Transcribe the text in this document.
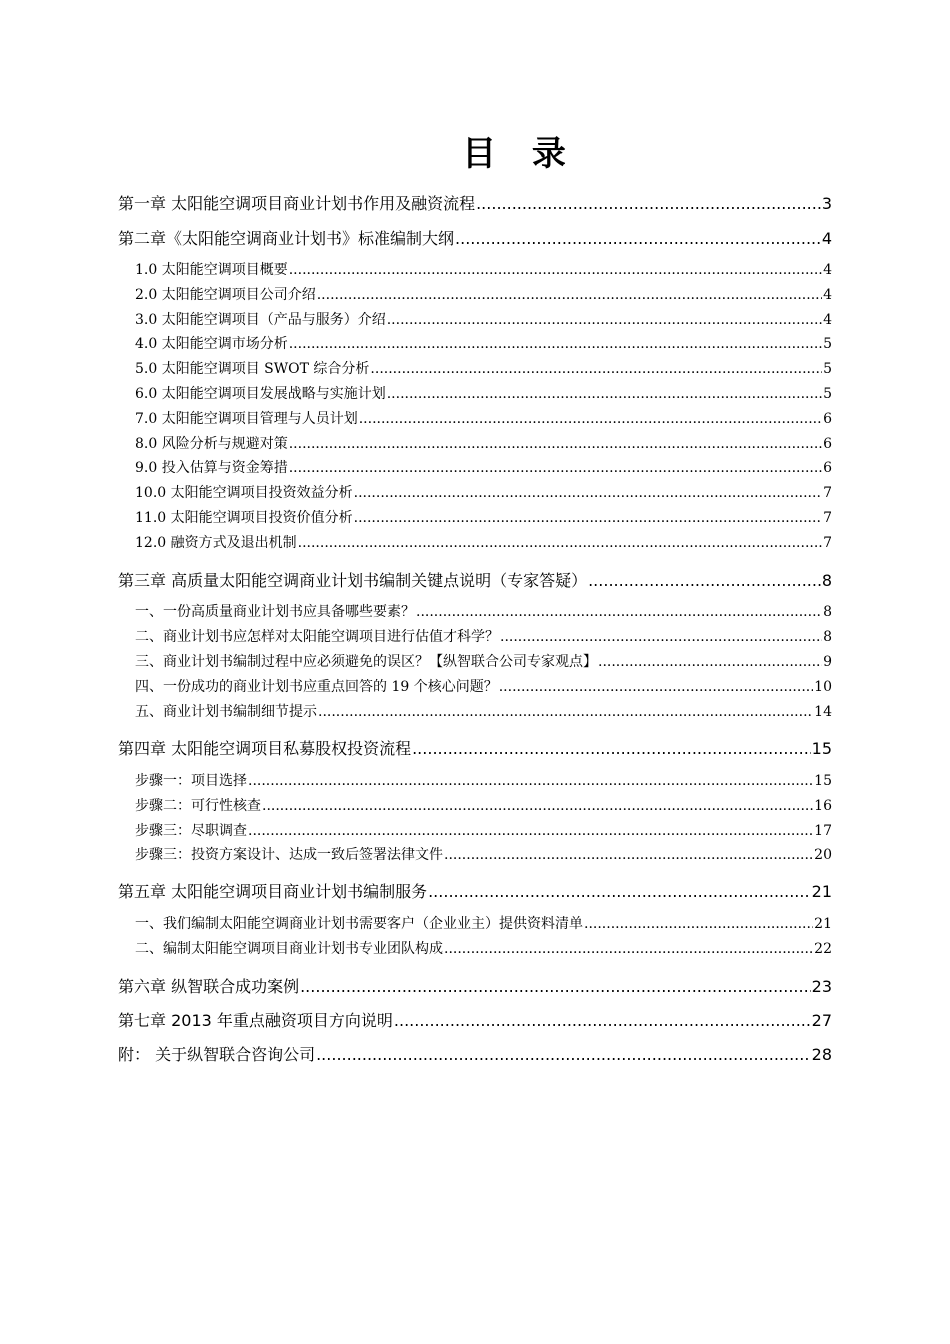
目 录
第一章 太阳能空调项目商业计划书作用及融资流程 .....	3
第二章《太阳能空调商业计划书》标准编制大纲 .....	4
1.0 太阳能空调项目概要 .....	4
2.0 太阳能空调项目公司介绍 .....	4
3.0 太阳能空调项目（产品与服务）介绍 .....	4
4.0 太阳能空调市场分析 .....	5
5.0 太阳能空调项目 SWOT 综合分析 .....	5
6.0 太阳能空调项目发展战略与实施计划 .....	5
7.0 太阳能空调项目管理与人员计划 .....	6
8.0 风险分析与规避对策 .....	6
9.0 投入估算与资金筹措 .....	6
10.0 太阳能空调项目投资效益分析 .....	7
11.0 太阳能空调项目投资价值分析 .....	7
12.0 融资方式及退出机制 .....	7
第三章 高质量太阳能空调商业计划书编制关键点说明（专家答疑） .....	8
一、一份高质量商业计划书应具备哪些要素？ .....	8
二、商业计划书应怎样对太阳能空调项目进行估值才科学？ .....	8
三、商业计划书编制过程中应必须避免的误区？【纵智联合公司专家观点】 .....	9
四、一份成功的商业计划书应重点回答的 19 个核心问题？ .....	10
五、商业计划书编制细节提示 .....	14
第四章 太阳能空调项目私募股权投资流程 .....	15
步骤一：项目选择 .....	15
步骤二：可行性核查 .....	16
步骤三：尽职调查 .....	17
步骤三：投资方案设计、达成一致后签署法律文件 .....	20
第五章 太阳能空调项目商业计划书编制服务 .....	21
一、我们编制太阳能空调商业计划书需要客户（企业业主）提供资料清单 .....	21
二、编制太阳能空调项目商业计划书专业团队构成 .....	22
第六章 纵智联合成功案例 .....	23
第七章 2013 年重点融资项目方向说明 .....	27
附： 关于纵智联合咨询公司 .....	28
